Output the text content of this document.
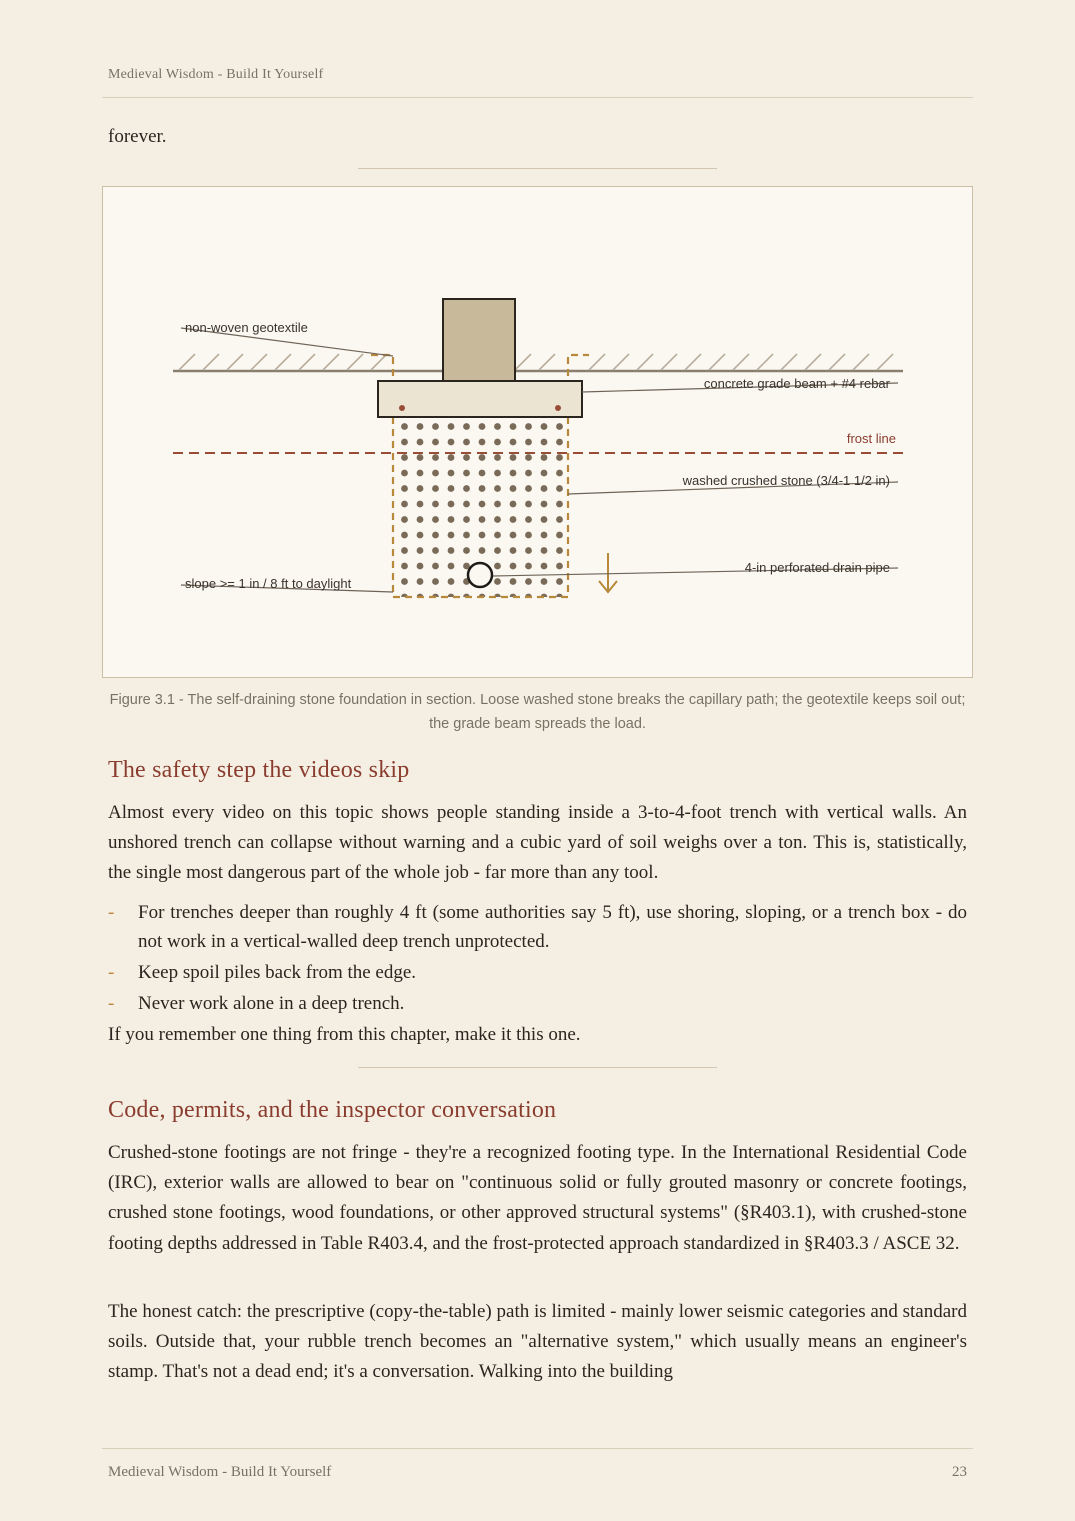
Medieval Wisdom - Build It Yourself

forever.

non-woven geotextile
concrete grade beam + #4 rebar
frost line
washed crushed stone (3/4-1 1/2 in)
4-in perforated drain pipe
slope >= 1 in / 8 ft to daylight
Figure 3.1 - The self-draining stone foundation in section. Loose washed stone breaks the capillary path; the geotextile keeps soil out; the grade beam spreads the load.
The safety step the videos skip

Almost every video on this topic shows people standing inside a 3-to-4-foot trench with vertical walls. An unshored trench can collapse without warning and a cubic yard of soil weighs over a ton. This is, statistically, the single most dangerous part of the whole job - far more than any tool.

- For trenches deeper than roughly 4 ft (some authorities say 5 ft), use shoring, sloping, or a trench box - do not work in a vertical-walled deep trench unprotected.
- Keep spoil piles back from the edge.
- Never work alone in a deep trench.

If you remember one thing from this chapter, make it this one.

Code, permits, and the inspector conversation

Crushed-stone footings are not fringe - they're a recognized footing type. In the International Residential Code (IRC), exterior walls are allowed to bear on "continuous solid or fully grouted masonry or concrete footings, crushed stone footings, wood foundations, or other approved structural systems" (§R403.1), with crushed-stone footing depths addressed in Table R403.4, and the frost-protected approach standardized in §R403.3 / ASCE 32.

The honest catch: the prescriptive (copy-the-table) path is limited - mainly lower seismic categories and standard soils. Outside that, your rubble trench becomes an "alternative system," which usually means an engineer's stamp. That's not a dead end; it's a conversation. Walking into the building

Medieval Wisdom - Build It Yourself	23
